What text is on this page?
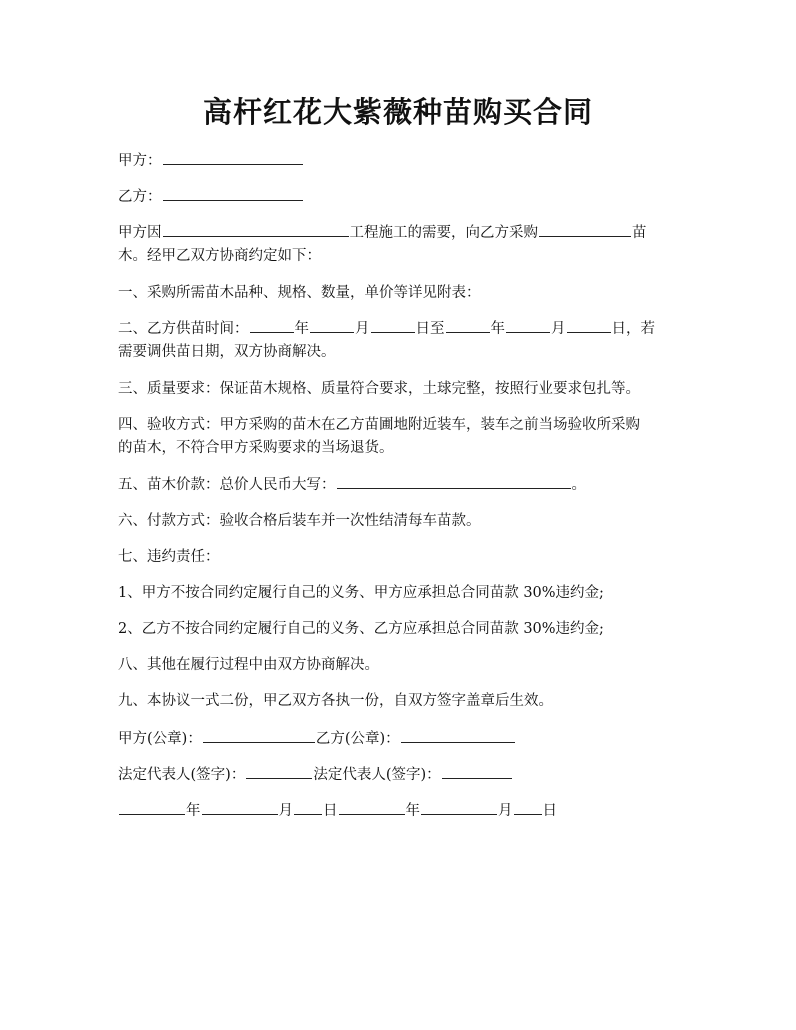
高杆红花大紫薇种苗购买合同
甲方：
乙方：
甲方因	工程施工的需要，向乙方采购	苗
木。经甲乙双方协商约定如下：
一、采购所需苗木品种、规格、数量，单价等详见附表：
二、乙方供苗时间：	年	月	日至	年	月	日，若
需要调供苗日期，双方协商解决。
三、质量要求：保证苗木规格、质量符合要求，土球完整，按照行业要求包扎等。
四、验收方式：甲方采购的苗木在乙方苗圃地附近装车，装车之前当场验收所采购
的苗木，不符合甲方采购要求的当场退货。
五、苗木价款：总价人民币大写：	。
六、付款方式：验收合格后装车并一次性结清每车苗款。
七、违约责任：
1、甲方不按合同约定履行自己的义务、甲方应承担总合同苗款 30%违约金;
2、乙方不按合同约定履行自己的义务、乙方应承担总合同苗款 30%违约金;
八、其他在履行过程中由双方协商解决。
九、本协议一式二份，甲乙双方各执一份，自双方签字盖章后生效。
甲方(公章)：	乙方(公章)：
法定代表人(签字)：	法定代表人(签字)：
年	月 日	年	月 日
